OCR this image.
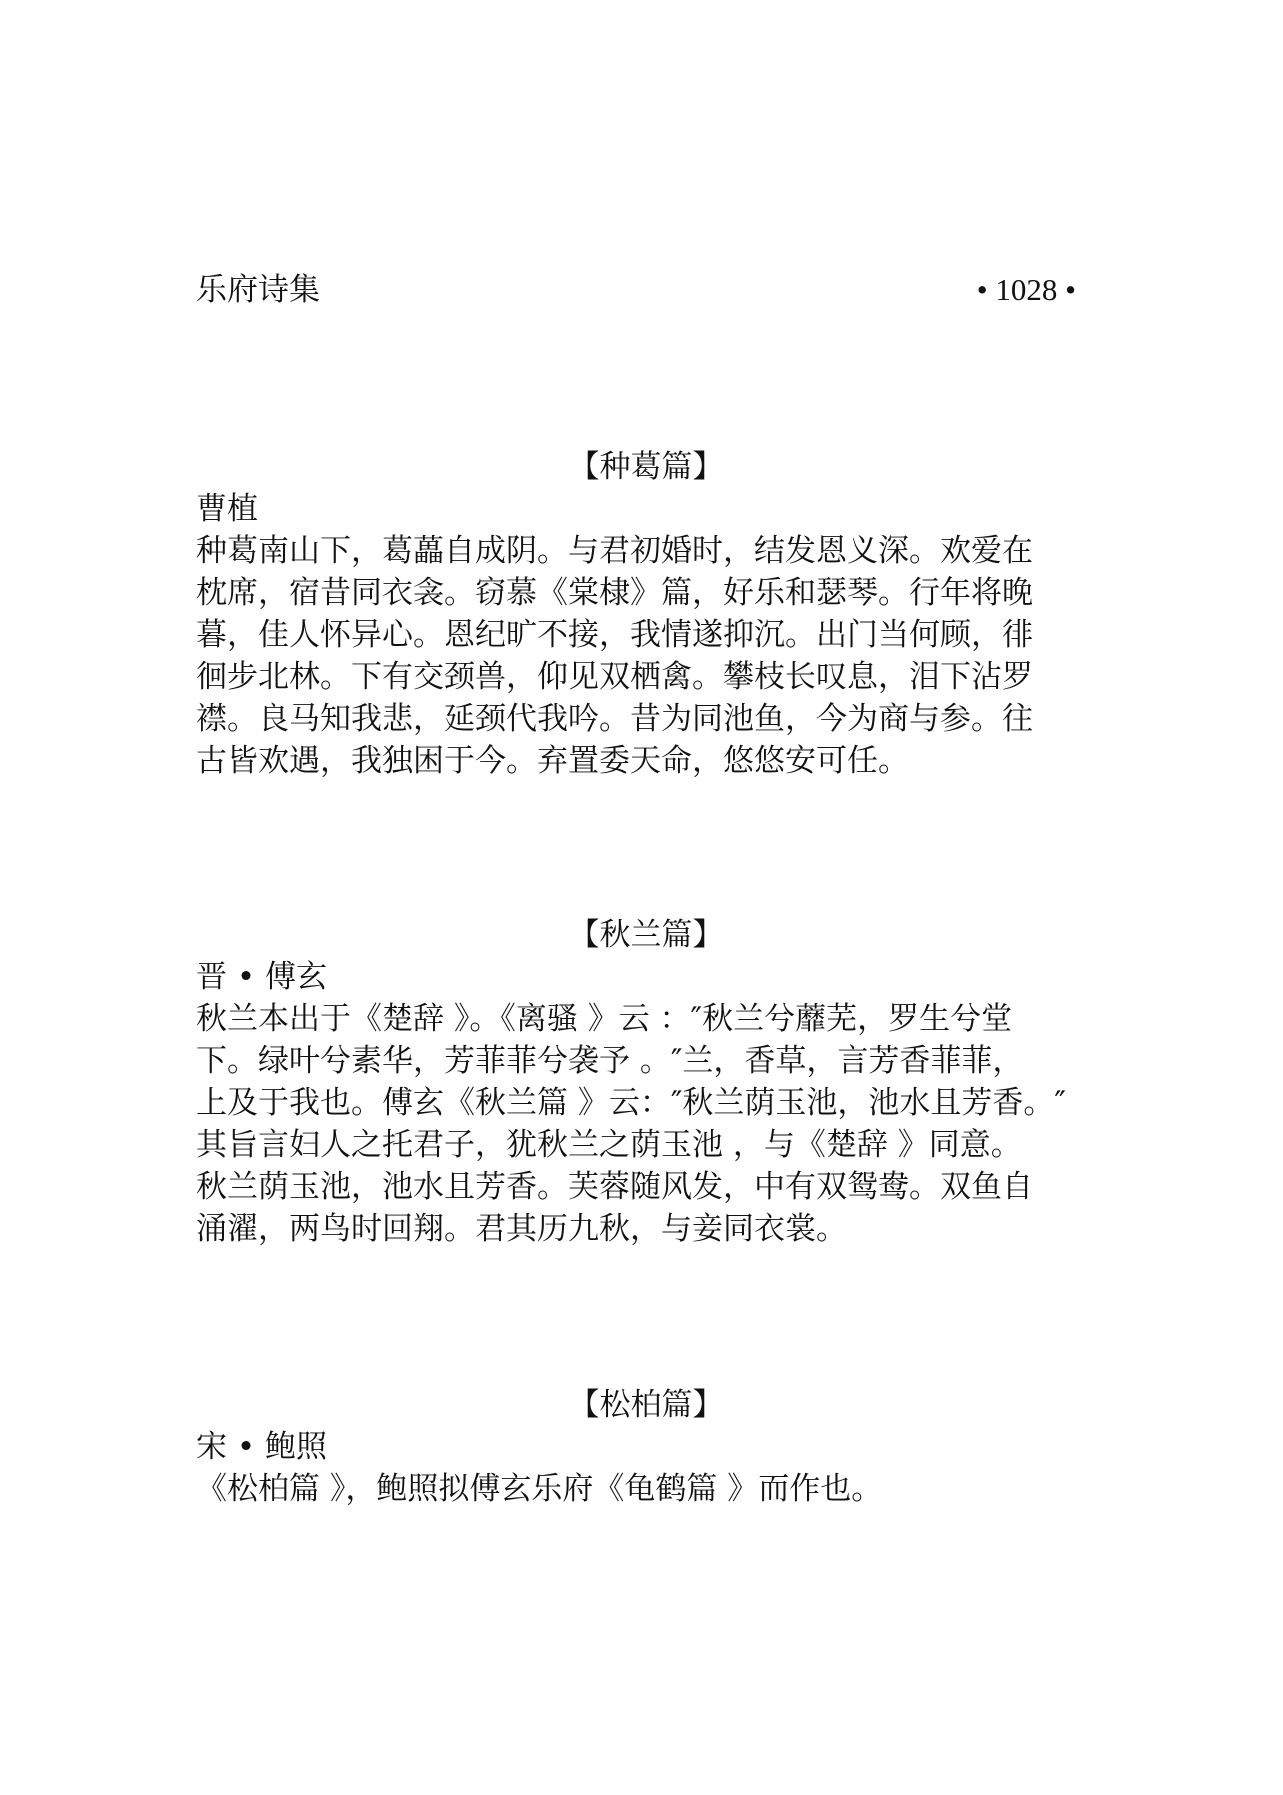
乐府诗集	• 1028 •
【种葛篇】
曹植
种葛南山下，葛藟自成阴。与君初婚时，结发恩义深。欢爱在
枕席，宿昔同衣衾。窃慕《棠棣》篇，好乐和瑟琴。行年将晚
暮，佳人怀异心。恩纪旷不接，我情遂抑沉。出门当何顾，徘
徊步北林。下有交颈兽，仰见双栖禽。攀枝长叹息，泪下沾罗
襟。良马知我悲，延颈代我吟。昔为同池鱼，今为商与参。往
古皆欢遇，我独困于今。弃置委天命，悠悠安可任。
【秋兰篇】
晋 • 傅玄
秋兰本出于《楚辞 》。《离骚 》云 ：″秋兰兮蘼芜，罗生兮堂
下。绿叶兮素华，芳菲菲兮袭予 。″兰，香草，言芳香菲菲，
上及于我也。傅玄《秋兰篇 》云：″秋兰荫玉池，池水且芳香。″
其旨言妇人之托君子，犹秋兰之荫玉池 ，与《楚辞 》同意。
秋兰荫玉池，池水且芳香。芙蓉随风发，中有双鸳鸯。双鱼自
涌濯，两鸟时回翔。君其历九秋，与妾同衣裳。
【松柏篇】
宋 • 鲍照
《松柏篇 》，鲍照拟傅玄乐府《龟鹤篇 》而作也。
